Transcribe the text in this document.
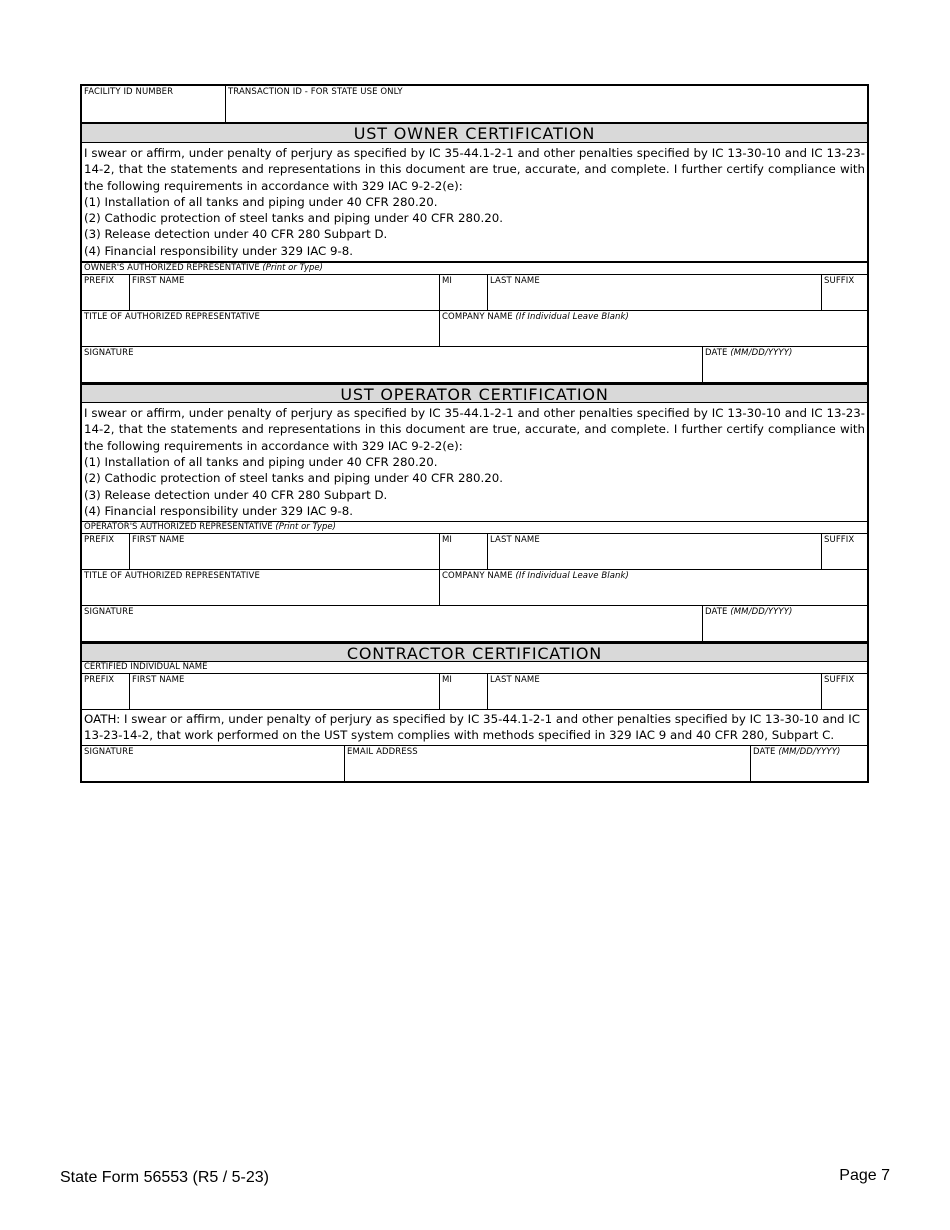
FACILITY ID NUMBER	TRANSACTION ID - FOR STATE USE ONLY
UST OWNER CERTIFICATION
I swear or affirm, under penalty of perjury as specified by IC 35-44.1-2-1 and other penalties specified by IC 13-30-10 and IC 13-23-14-2, that the statements and representations in this document are true, accurate, and complete. I further certify compliance with the following requirements in accordance with 329 IAC 9-2-2(e):
(1) Installation of all tanks and piping under 40 CFR 280.20.
(2) Cathodic protection of steel tanks and piping under 40 CFR 280.20.
(3) Release detection under 40 CFR 280 Subpart D.
(4) Financial responsibility under 329 IAC 9-8.
OWNER'S AUTHORIZED REPRESENTATIVE (Print or Type)
PREFIX	FIRST NAME	MI	LAST NAME	SUFFIX
TITLE OF AUTHORIZED REPRESENTATIVE	COMPANY NAME (If Individual Leave Blank)
SIGNATURE	DATE (MM/DD/YYYY)
UST OPERATOR CERTIFICATION
I swear or affirm, under penalty of perjury as specified by IC 35-44.1-2-1 and other penalties specified by IC 13-30-10 and IC 13-23-14-2, that the statements and representations in this document are true, accurate, and complete. I further certify compliance with the following requirements in accordance with 329 IAC 9-2-2(e):
(1) Installation of all tanks and piping under 40 CFR 280.20.
(2) Cathodic protection of steel tanks and piping under 40 CFR 280.20.
(3) Release detection under 40 CFR 280 Subpart D.
(4) Financial responsibility under 329 IAC 9-8.
OPERATOR'S AUTHORIZED REPRESENTATIVE (Print or Type)
PREFIX	FIRST NAME	MI	LAST NAME	SUFFIX
TITLE OF AUTHORIZED REPRESENTATIVE	COMPANY NAME (If Individual Leave Blank)
SIGNATURE	DATE (MM/DD/YYYY)
CONTRACTOR CERTIFICATION
CERTIFIED INDIVIDUAL NAME
PREFIX	FIRST NAME	MI	LAST NAME	SUFFIX
OATH: I swear or affirm, under penalty of perjury as specified by IC 35-44.1-2-1 and other penalties specified by IC 13-30-10 and IC 13-23-14-2, that work performed on the UST system complies with methods specified in 329 IAC 9 and 40 CFR 280, Subpart C.
SIGNATURE	EMAIL ADDRESS	DATE (MM/DD/YYYY)
State Form 56553 (R5 / 5-23)	Page 7
